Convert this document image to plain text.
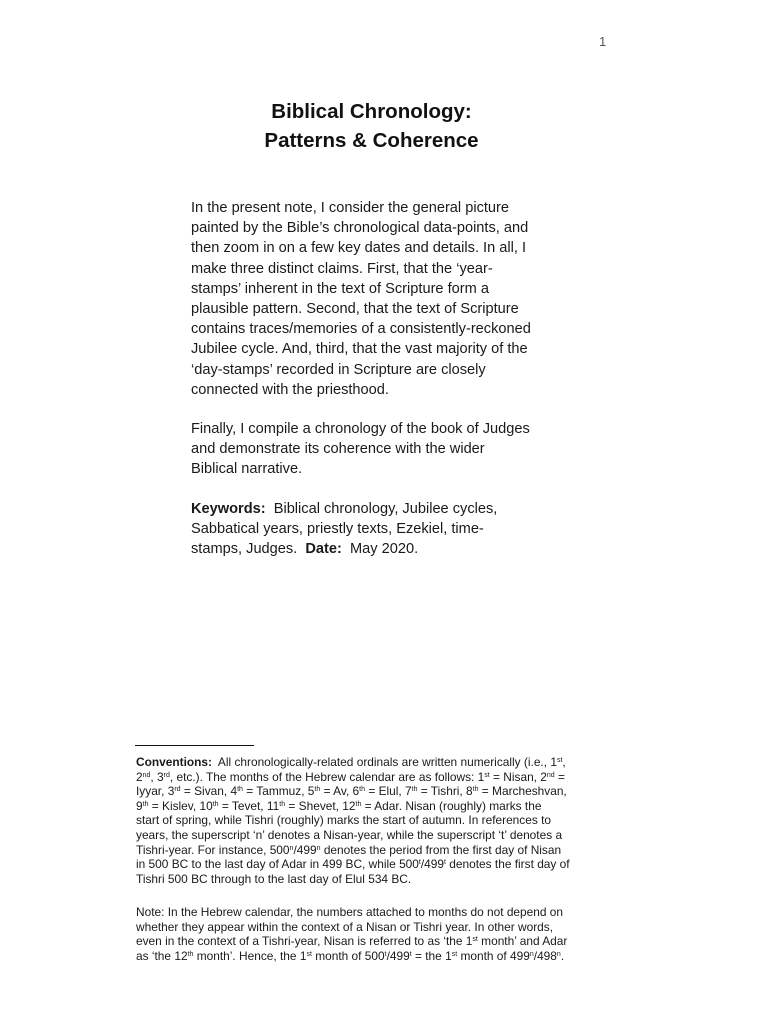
1
Biblical Chronology:
Patterns & Coherence
In the present note, I consider the general picture
painted by the Bible’s chronological data-points, and
then zoom in on a few key dates and details. In all, I
make three distinct claims. First, that the ‘year-
stamps’ inherent in the text of Scripture form a
plausible pattern. Second, that the text of Scripture
contains traces/memories of a consistently-reckoned
Jubilee cycle. And, third, that the vast majority of the
‘day-stamps’ recorded in Scripture are closely
connected with the priesthood.
Finally, I compile a chronology of the book of Judges
and demonstrate its coherence with the wider
Biblical narrative.
Keywords: Biblical chronology, Jubilee cycles,
Sabbatical years, priestly texts, Ezekiel, time-
stamps, Judges. Date: May 2020.
Conventions: All chronologically-related ordinals are written numerically (i.e., 1st,
2nd, 3rd, etc.). The months of the Hebrew calendar are as follows: 1st = Nisan, 2nd =
Iyyar, 3rd = Sivan, 4th = Tammuz, 5th = Av, 6th = Elul, 7th = Tishri, 8th = Marcheshvan,
9th = Kislev, 10th = Tevet, 11th = Shevet, 12th = Adar. Nisan (roughly) marks the
start of spring, while Tishri (roughly) marks the start of autumn. In references to
years, the superscript ‘n’ denotes a Nisan-year, while the superscript ‘t’ denotes a
Tishri-year. For instance, 500$^n$/499$^n$ denotes the period from the first day of Nisan
in 500 BC to the last day of Adar in 499 BC, while 500$^t$/499$^t$ denotes the first day of
Tishri 500 BC through to the last day of Elul 534 BC.
Note: In the Hebrew calendar, the numbers attached to months do not depend on
whether they appear within the context of a Nisan or Tishri year. In other words,
even in the context of a Tishri-year, Nisan is referred to as ‘the 1st month’ and Adar
as ‘the 12th month’. Hence, the 1st month of $500^t/499^t$ = the 1st month of 499$^n$/498$^n$.
